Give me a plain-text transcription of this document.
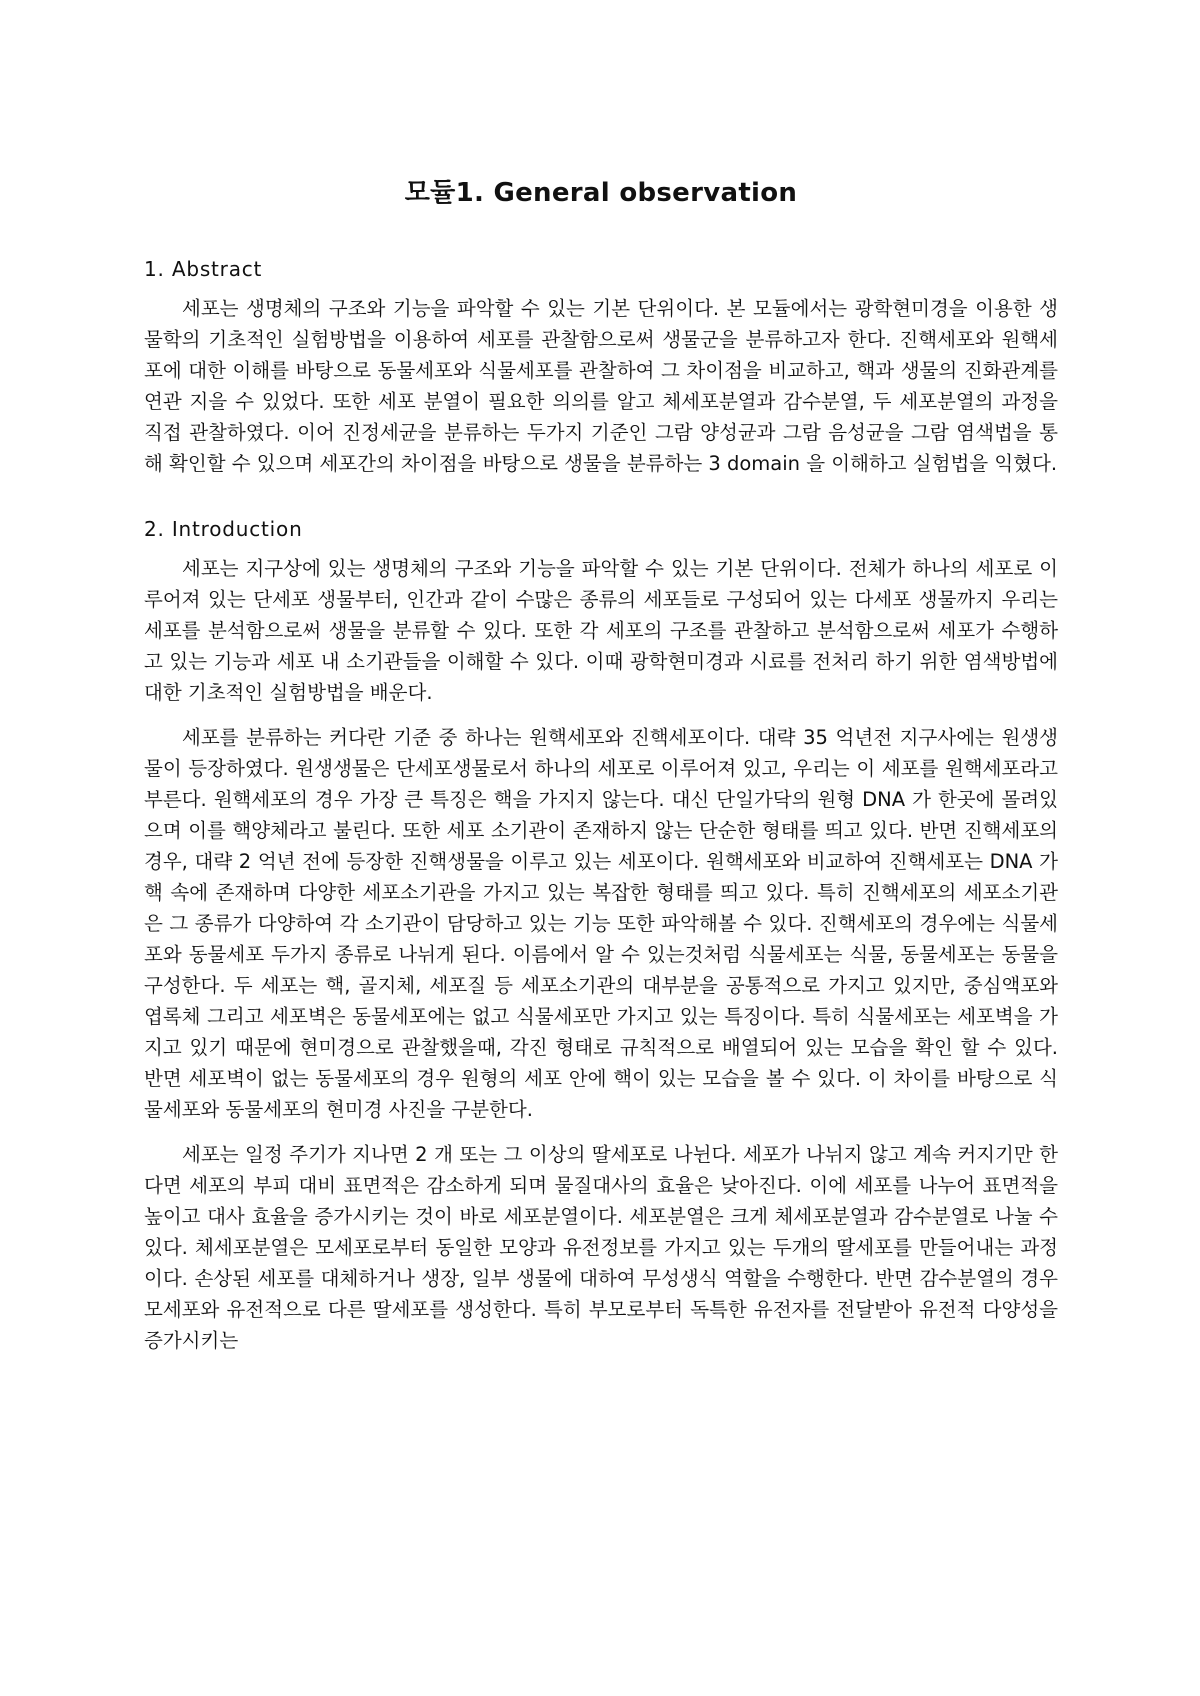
모듈1. General observation
1. Abstract

세포는 생명체의 구조와 기능을 파악할 수 있는 기본 단위이다. 본 모듈에서는 광학현미경을 이용한 생물학의 기초적인 실험방법을 이용하여 세포를 관찰함으로써 생물군을 분류하고자 한다. 진핵세포와 원핵세포에 대한 이해를 바탕으로 동물세포와 식물세포를 관찰하여 그 차이점을 비교하고, 핵과 생물의 진화관계를 연관 지을 수 있었다. 또한 세포 분열이 필요한 의의를 알고 체세포분열과 감수분열, 두 세포분열의 과정을 직접 관찰하였다. 이어 진정세균을 분류하는 두가지 기준인 그람 양성균과 그람 음성균을 그람 염색법을 통해 확인할 수 있으며 세포간의 차이점을 바탕으로 생물을 분류하는 3 domain 을 이해하고 실험법을 익혔다.

2. Introduction

세포는 지구상에 있는 생명체의 구조와 기능을 파악할 수 있는 기본 단위이다. 전체가 하나의 세포로 이루어져 있는 단세포 생물부터, 인간과 같이 수많은 종류의 세포들로 구성되어 있는 다세포 생물까지 우리는 세포를 분석함으로써 생물을 분류할 수 있다. 또한 각 세포의 구조를 관찰하고 분석함으로써 세포가 수행하고 있는 기능과 세포 내 소기관들을 이해할 수 있다. 이때 광학현미경과 시료를 전처리 하기 위한 염색방법에 대한 기초적인 실험방법을 배운다.

세포를 분류하는 커다란 기준 중 하나는 원핵세포와 진핵세포이다. 대략 35 억년전 지구사에는 원생생물이 등장하였다. 원생생물은 단세포생물로서 하나의 세포로 이루어져 있고, 우리는 이 세포를 원핵세포라고 부른다. 원핵세포의 경우 가장 큰 특징은 핵을 가지지 않는다. 대신 단일가닥의 원형 DNA 가 한곳에 몰려있으며 이를 핵양체라고 불린다. 또한 세포 소기관이 존재하지 않는 단순한 형태를 띄고 있다. 반면 진핵세포의 경우, 대략 2 억년 전에 등장한 진핵생물을 이루고 있는 세포이다. 원핵세포와 비교하여 진핵세포는 DNA 가 핵 속에 존재하며 다양한 세포소기관을 가지고 있는 복잡한 형태를 띄고 있다. 특히 진핵세포의 세포소기관은 그 종류가 다양하여 각 소기관이 담당하고 있는 기능 또한 파악해볼 수 있다. 진핵세포의 경우에는 식물세포와 동물세포 두가지 종류로 나뉘게 된다. 이름에서 알 수 있는것처럼 식물세포는 식물, 동물세포는 동물을 구성한다. 두 세포는 핵, 골지체, 세포질 등 세포소기관의 대부분을 공통적으로 가지고 있지만, 중심액포와 엽록체 그리고 세포벽은 동물세포에는 없고 식물세포만 가지고 있는 특징이다. 특히 식물세포는 세포벽을 가지고 있기 때문에 현미경으로 관찰했을때, 각진 형태로 규칙적으로 배열되어 있는 모습을 확인 할 수 있다. 반면 세포벽이 없는 동물세포의 경우 원형의 세포 안에 핵이 있는 모습을 볼 수 있다. 이 차이를 바탕으로 식물세포와 동물세포의 현미경 사진을 구분한다.

세포는 일정 주기가 지나면 2 개 또는 그 이상의 딸세포로 나뉜다. 세포가 나뉘지 않고 계속 커지기만 한다면 세포의 부피 대비 표면적은 감소하게 되며 물질대사의 효율은 낮아진다. 이에 세포를 나누어 표면적을 높이고 대사 효율을 증가시키는 것이 바로 세포분열이다. 세포분열은 크게 체세포분열과 감수분열로 나눌 수 있다. 체세포분열은 모세포로부터 동일한 모양과 유전정보를 가지고 있는 두개의 딸세포를 만들어내는 과정이다. 손상된 세포를 대체하거나 생장, 일부 생물에 대하여 무성생식 역할을 수행한다. 반면 감수분열의 경우 모세포와 유전적으로 다른 딸세포를 생성한다. 특히 부모로부터 독특한 유전자를 전달받아 유전적 다양성을 증가시키는
